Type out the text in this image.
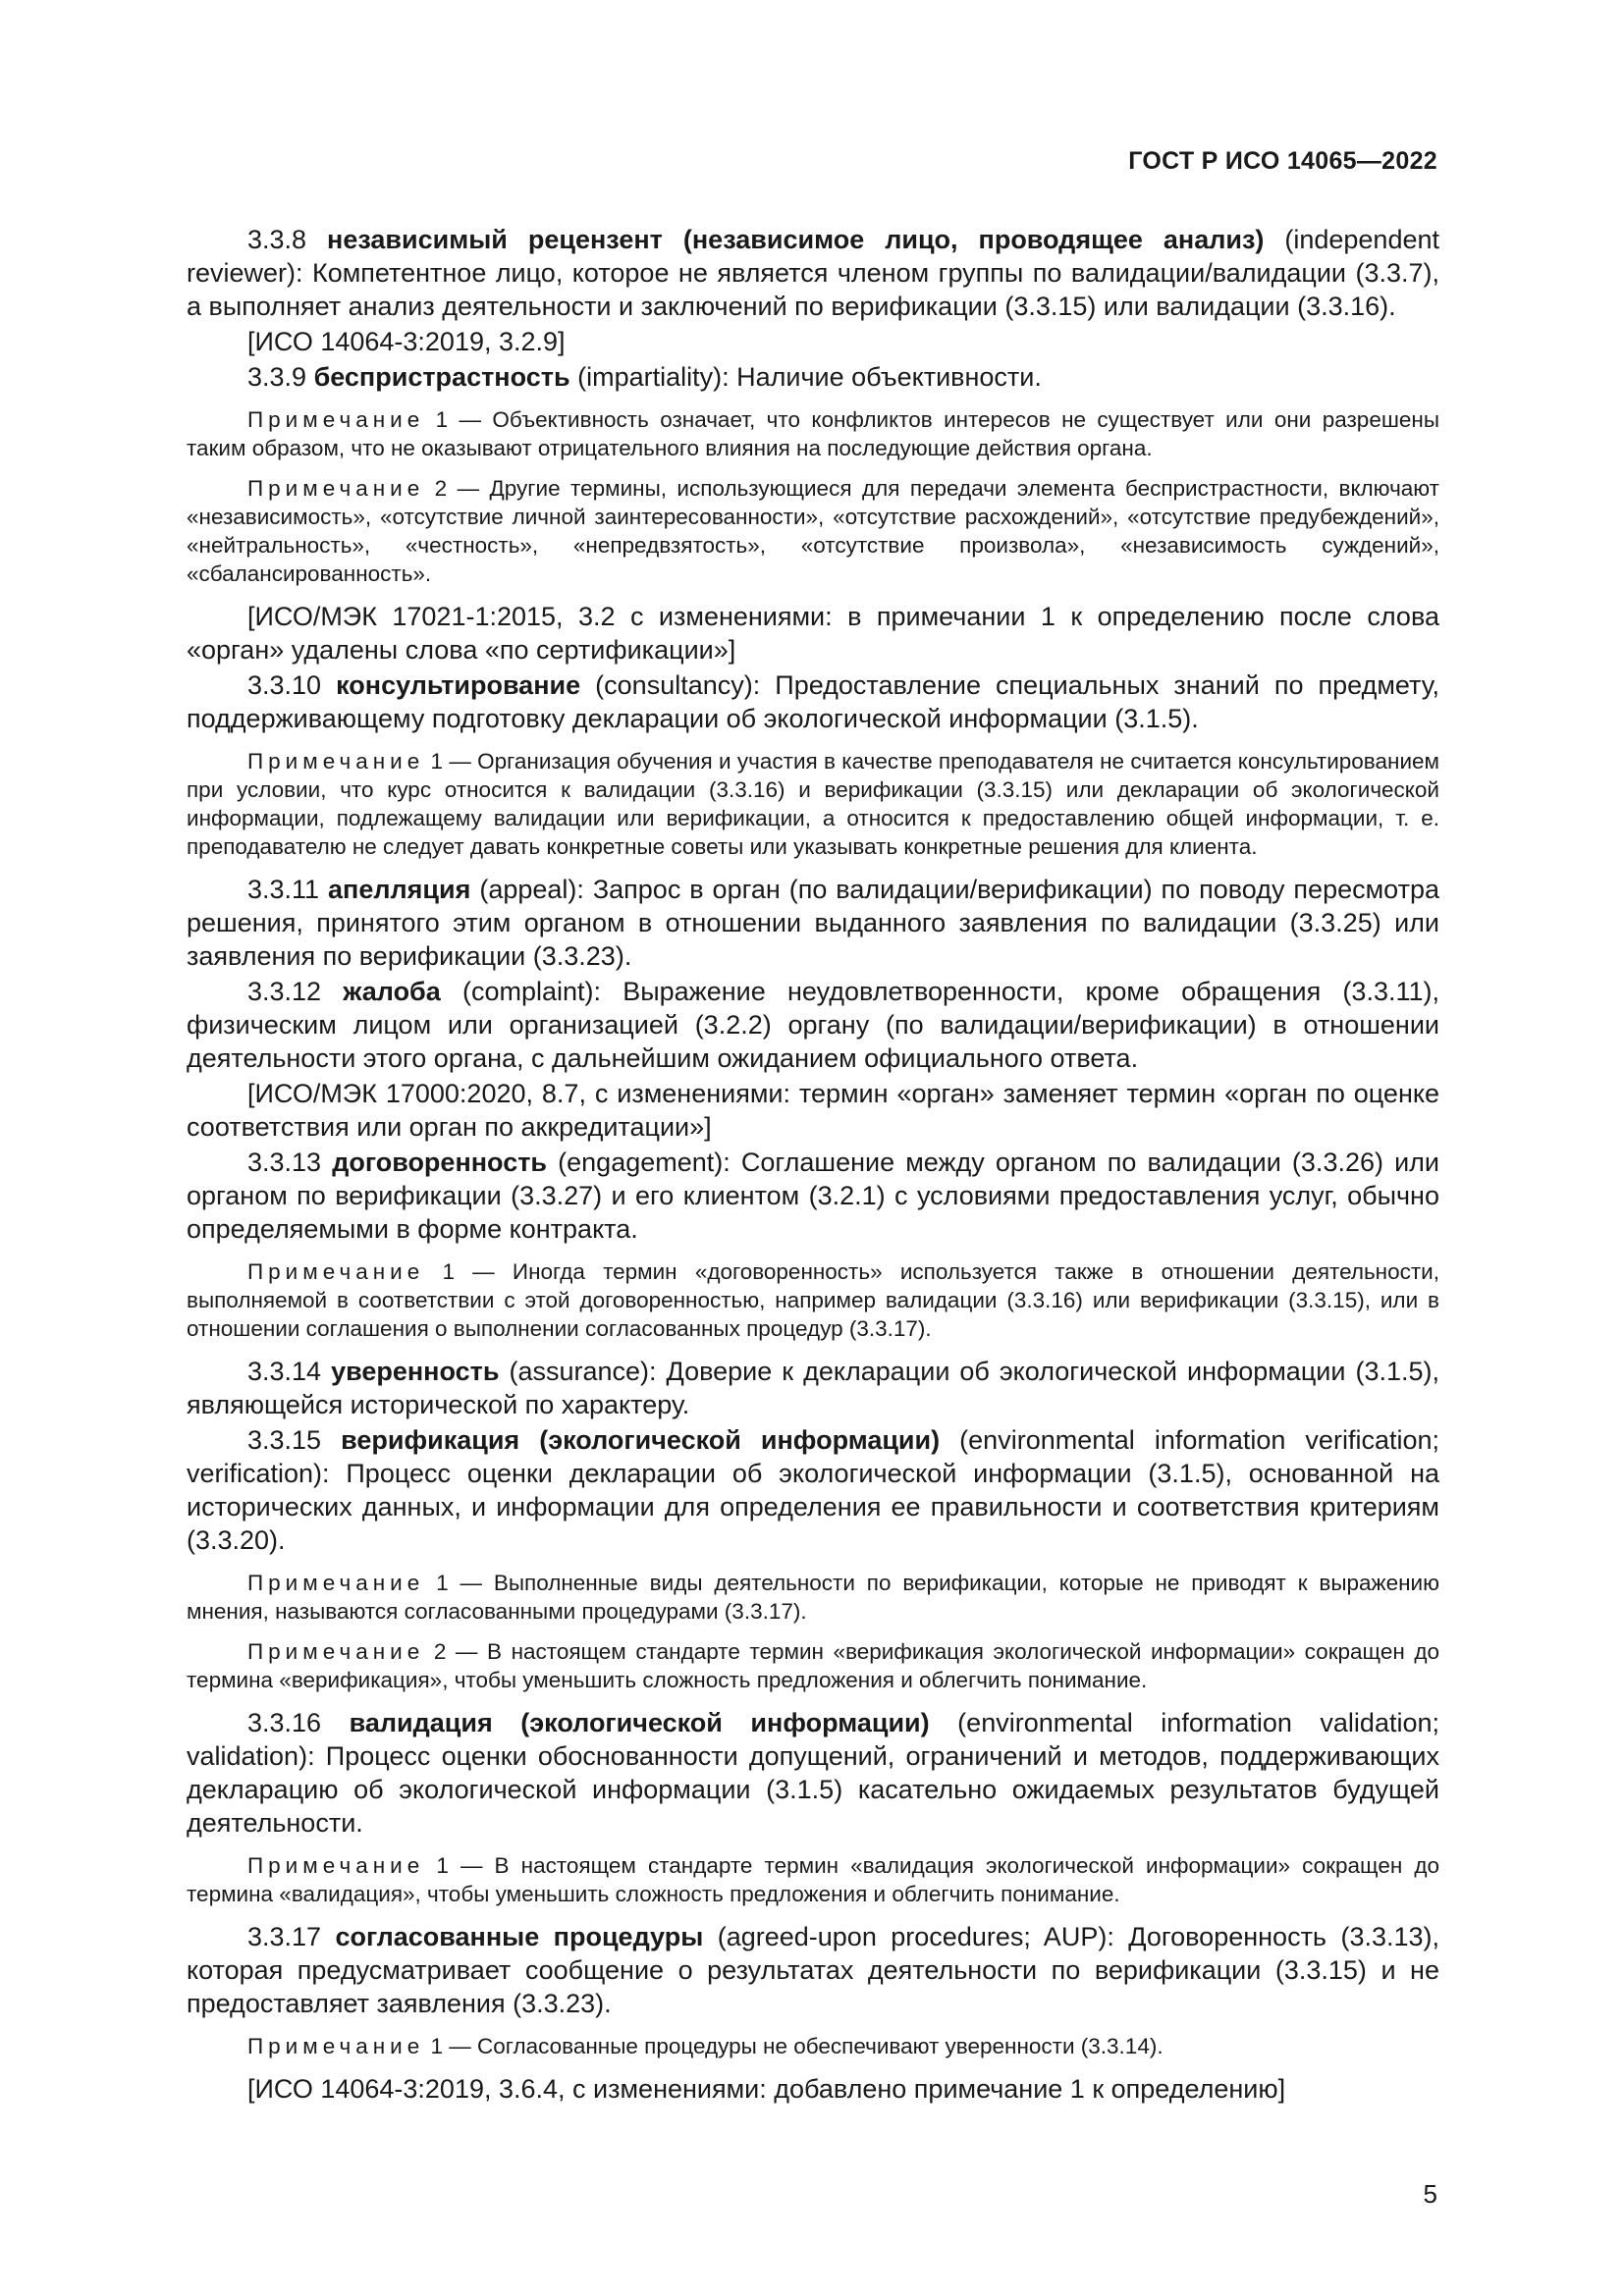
ГОСТ Р ИСО 14065—2022
3.3.8 независимый рецензент (независимое лицо, проводящее анализ) (independent reviewer): Компетентное лицо, которое не является членом группы по валидации/валидации (3.3.7), а выполняет анализ деятельности и заключений по верификации (3.3.15) или валидации (3.3.16).
[ИСО 14064-3:2019, 3.2.9]
3.3.9 беспристрастность (impartiality): Наличие объективности.
Примечание 1 — Объективность означает, что конфликтов интересов не существует или они разрешены таким образом, что не оказывают отрицательного влияния на последующие действия органа.
Примечание 2 — Другие термины, использующиеся для передачи элемента беспристрастности, включают «независимость», «отсутствие личной заинтересованности», «отсутствие расхождений», «отсутствие предубеждений», «нейтральность», «честность», «непредвзятость», «отсутствие произвола», «независимость суждений», «сбалансированность».
[ИСО/МЭК 17021-1:2015, 3.2 с изменениями: в примечании 1 к определению после слова «орган» удалены слова «по сертификации»]
3.3.10 консультирование (consultancy): Предоставление специальных знаний по предмету, поддерживающему подготовку декларации об экологической информации (3.1.5).
Примечание 1 — Организация обучения и участия в качестве преподавателя не считается консультированием при условии, что курс относится к валидации (3.3.16) и верификации (3.3.15) или декларации об экологической информации, подлежащему валидации или верификации, а относится к предоставлению общей информации, т. е. преподавателю не следует давать конкретные советы или указывать конкретные решения для клиента.
3.3.11 апелляция (appeal): Запрос в орган (по валидации/верификации) по поводу пересмотра решения, принятого этим органом в отношении выданного заявления по валидации (3.3.25) или заявления по верификации (3.3.23).
3.3.12 жалоба (complaint): Выражение неудовлетворенности, кроме обращения (3.3.11), физическим лицом или организацией (3.2.2) органу (по валидации/верификации) в отношении деятельности этого органа, с дальнейшим ожиданием официального ответа.
[ИСО/МЭК 17000:2020, 8.7, с изменениями: термин «орган» заменяет термин «орган по оценке соответствия или орган по аккредитации»]
3.3.13 договоренность (engagement): Соглашение между органом по валидации (3.3.26) или органом по верификации (3.3.27) и его клиентом (3.2.1) с условиями предоставления услуг, обычно определяемыми в форме контракта.
Примечание 1 — Иногда термин «договоренность» используется также в отношении деятельности, выполняемой в соответствии с этой договоренностью, например валидации (3.3.16) или верификации (3.3.15), или в отношении соглашения о выполнении согласованных процедур (3.3.17).
3.3.14 уверенность (assurance): Доверие к декларации об экологической информации (3.1.5), являющейся исторической по характеру.
3.3.15 верификация (экологической информации) (environmental information verification; verification): Процесс оценки декларации об экологической информации (3.1.5), основанной на исторических данных, и информации для определения ее правильности и соответствия критериям (3.3.20).
Примечание 1 — Выполненные виды деятельности по верификации, которые не приводят к выражению мнения, называются согласованными процедурами (3.3.17).
Примечание 2 — В настоящем стандарте термин «верификация экологической информации» сокращен до термина «верификация», чтобы уменьшить сложность предложения и облегчить понимание.
3.3.16 валидация (экологической информации) (environmental information validation; validation): Процесс оценки обоснованности допущений, ограничений и методов, поддерживающих декларацию об экологической информации (3.1.5) касательно ожидаемых результатов будущей деятельности.
Примечание 1 — В настоящем стандарте термин «валидация экологической информации» сокращен до термина «валидация», чтобы уменьшить сложность предложения и облегчить понимание.
3.3.17 согласованные процедуры (agreed-upon procedures; AUP): Договоренность (3.3.13), которая предусматривает сообщение о результатах деятельности по верификации (3.3.15) и не предоставляет заявления (3.3.23).
Примечание 1 — Согласованные процедуры не обеспечивают уверенности (3.3.14).
[ИСО 14064-3:2019, 3.6.4, с изменениями: добавлено примечание 1 к определению]
5
